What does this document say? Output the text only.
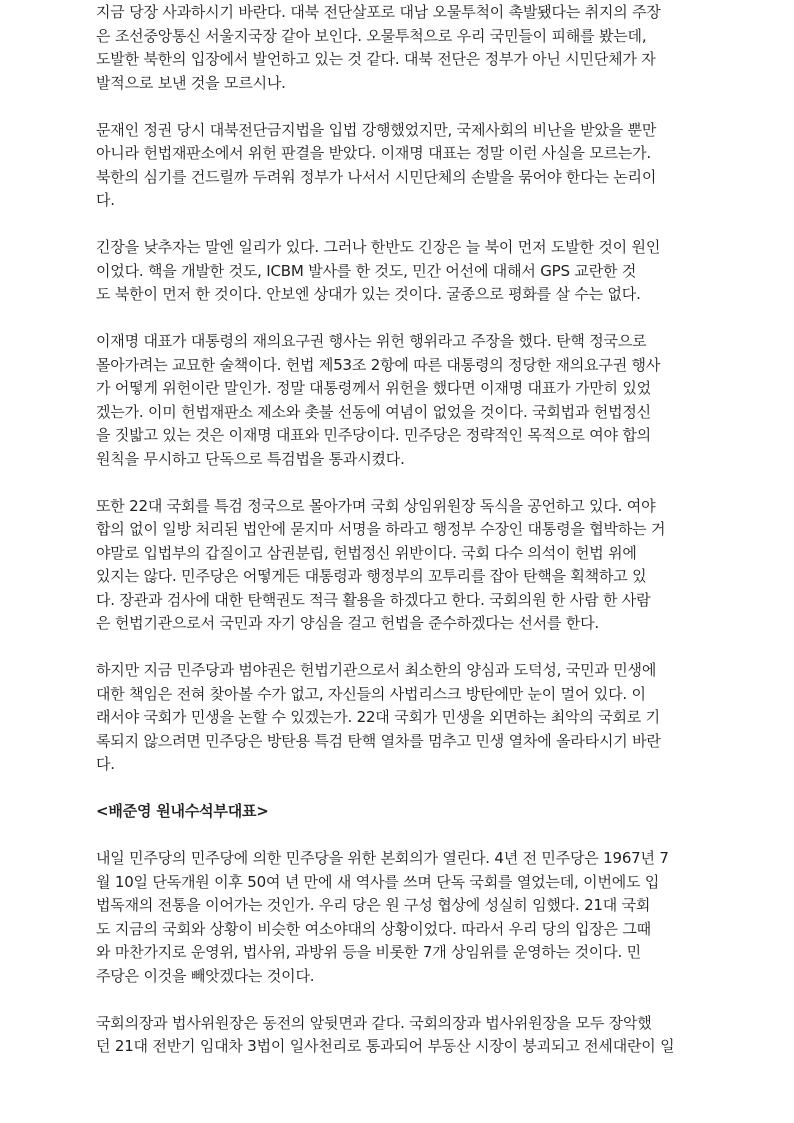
지금 당장 사과하시기 바란다. 대북 전단살포로 대남 오물투척이 촉발됐다는 취지의 주장
은 조선중앙통신 서울지국장 같아 보인다. 오물투척으로 우리 국민들이 피해를 봤는데,
도발한 북한의 입장에서 발언하고 있는 것 같다. 대북 전단은 정부가 아닌 시민단체가 자
발적으로 보낸 것을 모르시나.
문재인 정권 당시 대북전단금지법을 입법 강행했었지만, 국제사회의 비난을 받았을 뿐만
아니라 헌법재판소에서 위헌 판결을 받았다. 이재명 대표는 정말 이런 사실을 모르는가.
북한의 심기를 건드릴까 두려워 정부가 나서서 시민단체의 손발을 묶어야 한다는 논리이
다.
긴장을 낮추자는 말엔 일리가 있다. 그러나 한반도 긴장은 늘 북이 먼저 도발한 것이 원인
이었다. 핵을 개발한 것도, ICBM 발사를 한 것도, 민간 어선에 대해서 GPS 교란한 것
도 북한이 먼저 한 것이다. 안보엔 상대가 있는 것이다. 굴종으로 평화를 살 수는 없다.
이재명 대표가 대통령의 재의요구권 행사는 위헌 행위라고 주장을 했다. 탄핵 정국으로
몰아가려는 교묘한 술책이다. 헌법 제53조 2항에 따른 대통령의 정당한 재의요구권 행사
가 어떻게 위헌이란 말인가. 정말 대통령께서 위헌을 했다면 이재명 대표가 가만히 있었
겠는가. 이미 헌법재판소 제소와 촛불 선동에 여념이 없었을 것이다. 국회법과 헌법정신
을 짓밟고 있는 것은 이재명 대표와 민주당이다. 민주당은 정략적인 목적으로 여야 합의
원칙을 무시하고 단독으로 특검법을 통과시켰다.
또한 22대 국회를 특검 정국으로 몰아가며 국회 상임위원장 독식을 공언하고 있다. 여야
합의 없이 일방 처리된 법안에 묻지마 서명을 하라고 행정부 수장인 대통령을 협박하는 거
야말로 입법부의 갑질이고 삼권분립, 헌법정신 위반이다. 국회 다수 의석이 헌법 위에
있지는 않다. 민주당은 어떻게든 대통령과 행정부의 꼬투리를 잡아 탄핵을 획책하고 있
다. 장관과 검사에 대한 탄핵권도 적극 활용을 하겠다고 한다. 국회의원 한 사람 한 사람
은 헌법기관으로서 국민과 자기 양심을 걸고 헌법을 준수하겠다는 선서를 한다.
하지만 지금 민주당과 범야권은 헌법기관으로서 최소한의 양심과 도덕성, 국민과 민생에
대한 책임은 전혀 찾아볼 수가 없고, 자신들의 사법리스크 방탄에만 눈이 멀어 있다. 이
래서야 국회가 민생을 논할 수 있겠는가. 22대 국회가 민생을 외면하는 최악의 국회로 기
록되지 않으려면 민주당은 방탄용 특검 탄핵 열차를 멈추고 민생 열차에 올라타시기 바란
다.
<배준영 원내수석부대표>
내일 민주당의 민주당에 의한 민주당을 위한 본회의가 열린다. 4년 전 민주당은 1967년 7
월 10일 단독개원 이후 50여 년 만에 새 역사를 쓰며 단독 국회를 열었는데, 이번에도 입
법독재의 전통을 이어가는 것인가. 우리 당은 원 구성 협상에 성실히 임했다. 21대 국회
도 지금의 국회와 상황이 비슷한 여소야대의 상황이었다. 따라서 우리 당의 입장은 그때
와 마찬가지로 운영위, 법사위, 과방위 등을 비롯한 7개 상임위를 운영하는 것이다. 민
주당은 이것을 빼앗겠다는 것이다.
국회의장과 법사위원장은 동전의 앞뒷면과 같다. 국회의장과 법사위원장을 모두 장악했
던 21대 전반기 임대차 3법이 일사천리로 통과되어 부동산 시장이 붕괴되고 전세대란이 일
